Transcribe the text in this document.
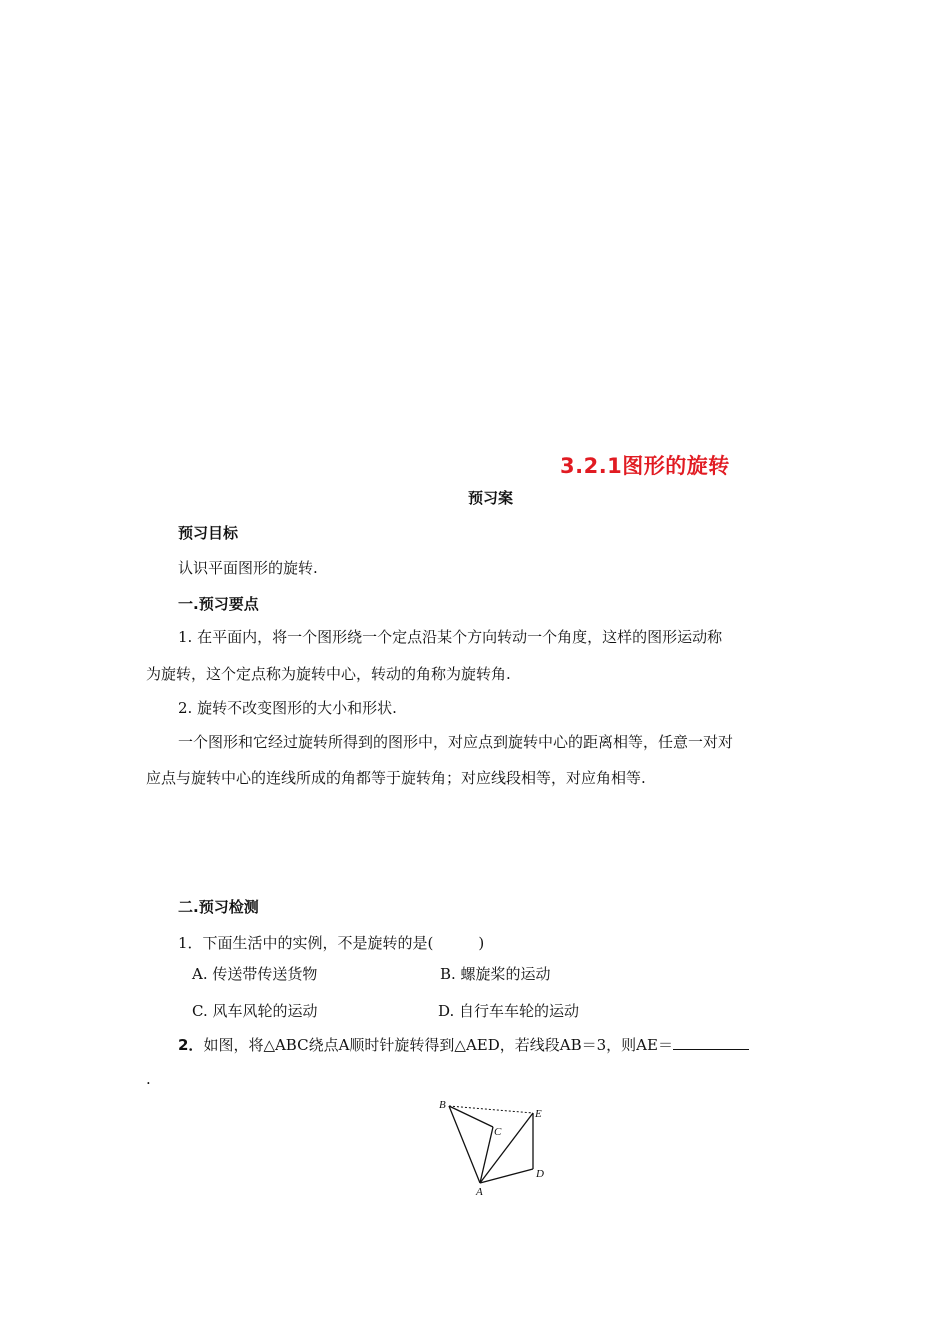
3.2.1图形的旋转
预习案
预习目标
认识平面图形的旋转.
一.预习要点
1. 在平面内，将一个图形绕一个定点沿某个方向转动一个角度，这样的图形运动称
为旋转，这个定点称为旋转中心，转动的角称为旋转角.
2. 旋转不改变图形的大小和形状.
一个图形和它经过旋转所得到的图形中，对应点到旋转中心的距离相等，任意一对对
应点与旋转中心的连线所成的角都等于旋转角；对应线段相等，对应角相等.
二.预习检测
1．下面生活中的实例，不是旋转的是(　　　)
A. 传送带传送货物	B. 螺旋桨的运动
C. 风车风轮的运动	D. 自行车车轮的运动
2．如图，将△ABC绕点A顺时针旋转得到△AED，若线段AB＝3，则AE＝
.
B
C
E
D
A
